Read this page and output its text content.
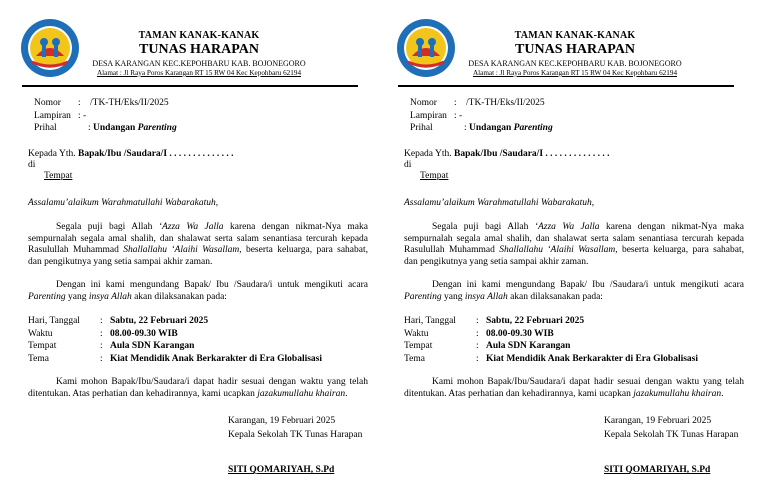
TAMAN KANAK-KANAK
TUNAS HARAPAN
DESA KARANGAN KEC.KEPOHBARU KAB. BOJONEGORO
Alamat : Jl Raya Poros Karangan RT 15 RW 04 Kec Kepohbaru 62194
Nomor	: /TK-TH/Eks/II/2025
Lampiran :
-
Prihal	:
Undangan Parenting
Kepada Yth. Bapak/Ibu /Saudara/I . . . . . . . . . . . . . .
di
Tempat
Assalamu’alaikum Warahmatullahi Wabarakatuh,
Segala puji bagi Allah ‘Azza Wa Jalla karena dengan nikmat-Nya maka sempurnalah segala amal shalih, dan shalawat serta salam senantiasa tercurah kepada Rasulullah Muhammad Shallallahu ‘Alaihi Wasallam, beserta keluarga, para sahabat, dan pengikutnya yang setia sampai akhir zaman.
Dengan ini kami mengundang Bapak/ Ibu /Saudara/i untuk mengikuti acara Parenting yang insya Allah akan dilaksanakan pada:
Hari, Tanggal	: Sabtu, 22 Februari 2025
Waktu	: 08.00-09.30 WIB
Tempat	: Aula SDN Karangan
Tema	: Kiat Mendidik Anak Berkarakter di Era Globalisasi
Kami mohon Bapak/Ibu/Saudara/i dapat hadir sesuai dengan waktu yang telah ditentukan. Atas perhatian dan kehadirannya, kami ucapkan jazakumullahu khairan.
Karangan, 19 Februari 2025
Kepala Sekolah TK Tunas Harapan
SITI QOMARIYAH, S.Pd
TAMAN KANAK-KANAK
TUNAS HARAPAN
DESA KARANGAN KEC.KEPOHBARU KAB. BOJONEGORO
Alamat : Jl Raya Poros Karangan RT 15 RW 04 Kec Kepohbaru 62194
Nomor	: /TK-TH/Eks/II/2025
Lampiran :
-
Prihal	:
Undangan Parenting
Kepada Yth. Bapak/Ibu /Saudara/I . . . . . . . . . . . . . .
di
Tempat
Assalamu’alaikum Warahmatullahi Wabarakatuh,
Segala puji bagi Allah ‘Azza Wa Jalla karena dengan nikmat-Nya maka sempurnalah segala amal shalih, dan shalawat serta salam senantiasa tercurah kepada Rasulullah Muhammad Shallallahu ‘Alaihi Wasallam, beserta keluarga, para sahabat, dan pengikutnya yang setia sampai akhir zaman.
Dengan ini kami mengundang Bapak/ Ibu /Saudara/i untuk mengikuti acara Parenting yang insya Allah akan dilaksanakan pada:
Hari, Tanggal	: Sabtu, 22 Februari 2025
Waktu	: 08.00-09.30 WIB
Tempat	: Aula SDN Karangan
Tema	: Kiat Mendidik Anak Berkarakter di Era Globalisasi
Kami mohon Bapak/Ibu/Saudara/i dapat hadir sesuai dengan waktu yang telah ditentukan. Atas perhatian dan kehadirannya, kami ucapkan jazakumullahu khairan.
Karangan, 19 Februari 2025
Kepala Sekolah TK Tunas Harapan
SITI QOMARIYAH, S.Pd
